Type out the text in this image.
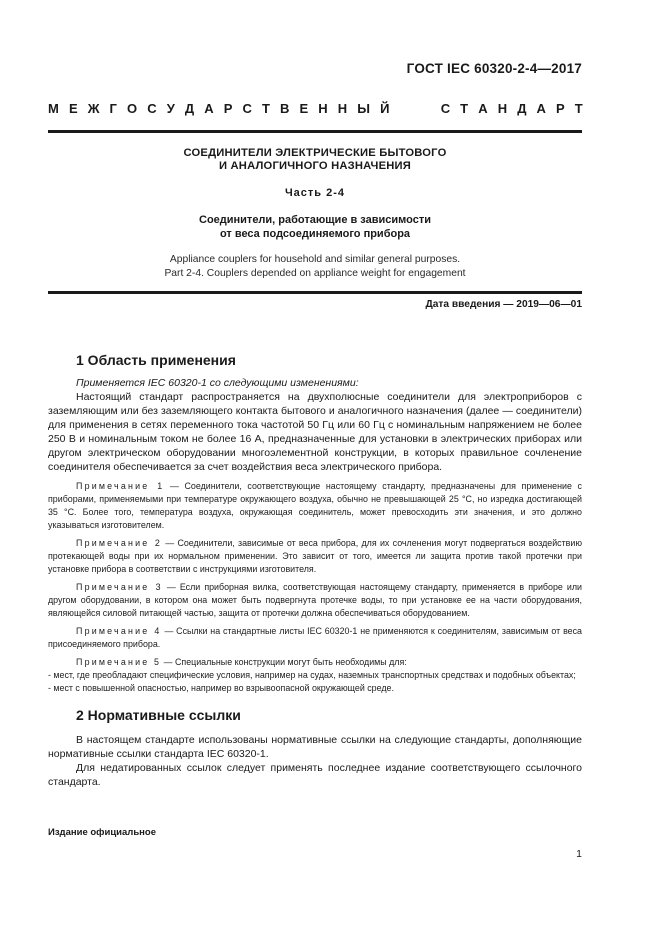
ГОСТ IEC 60320-2-4—2017
М Е Ж Г О С У Д А Р С Т В Е Н Н Ы Й

	С Т А Н Д А Р Т
СОЕДИНИТЕЛИ ЭЛЕКТРИЧЕСКИЕ БЫТОВОГО
И АНАЛОГИЧНОГО НАЗНАЧЕНИЯ
Часть 2-4
Соединители, работающие в зависимости
от веса подсоединяемого прибора
Appliance couplers for household and similar general purposes.
Part 2-4. Couplers depended on appliance weight for engagement
Дата введения — 2019—06—01
1 Область применения

Применяется IEC 60320-1 со следующими изменениями:

Настоящий стандарт распространяется на двухполюсные соединители для электроприборов с заземляющим или без заземляющего контакта бытового и аналогичного назначения (далее — соединители) для применения в сетях переменного тока частотой 50 Гц или 60 Гц с номинальным напряжением не более 250 В и номинальным током не более 16 А, предназначенные для установки в электрических приборах или другом электрическом оборудовании многоэлементной конструкции, в которых правильное сочленение соединителя обеспечивается за счет воздействия веса электрического прибора.

Примечание 1 — Соединители, соответствующие настоящему стандарту, предназначены для применение с приборами, применяемыми при температуре окружающего воздуха, обычно не превышающей 25 °С, но изредка достигающей 35 °С. Более того, температура воздуха, окружающая соединитель, может превосходить эти значения, и это должно указываться изготовителем.

Примечание 2 — Соединители, зависимые от веса прибора, для их сочленения могут подвергаться воздействию протекающей воды при их нормальном применении. Это зависит от того, имеется ли защита против такой протечки при установке прибора в соответствии с инструкциями изготовителя.

Примечание 3 — Если приборная вилка, соответствующая настоящему стандарту, применяется в приборе или другом оборудовании, в котором она может быть подвергнута протечке воды, то при установке ее на части оборудования, являющейся силовой питающей частью, защита от протечки должна обеспечиваться оборудованием.

Примечание 4 — Ссылки на стандартные листы IEC 60320-1 не применяются к соединителям, зависимым от веса присоединяемого прибора.

Примечание 5 — Специальные конструкции могут быть необходимы для:

- мест, где преобладают специфические условия, например на судах, наземных транспортных средствах и подобных объектах;

- мест с повышенной опасностью, например во взрывоопасной окружающей среде.

2 Нормативные ссылки

В настоящем стандарте использованы нормативные ссылки на следующие стандарты, дополняющие нормативные ссылки стандарта IEC 60320-1.

Для недатированных ссылок следует применять последнее издание соответствующего ссылочного стандарта.

Издание официальное
1
